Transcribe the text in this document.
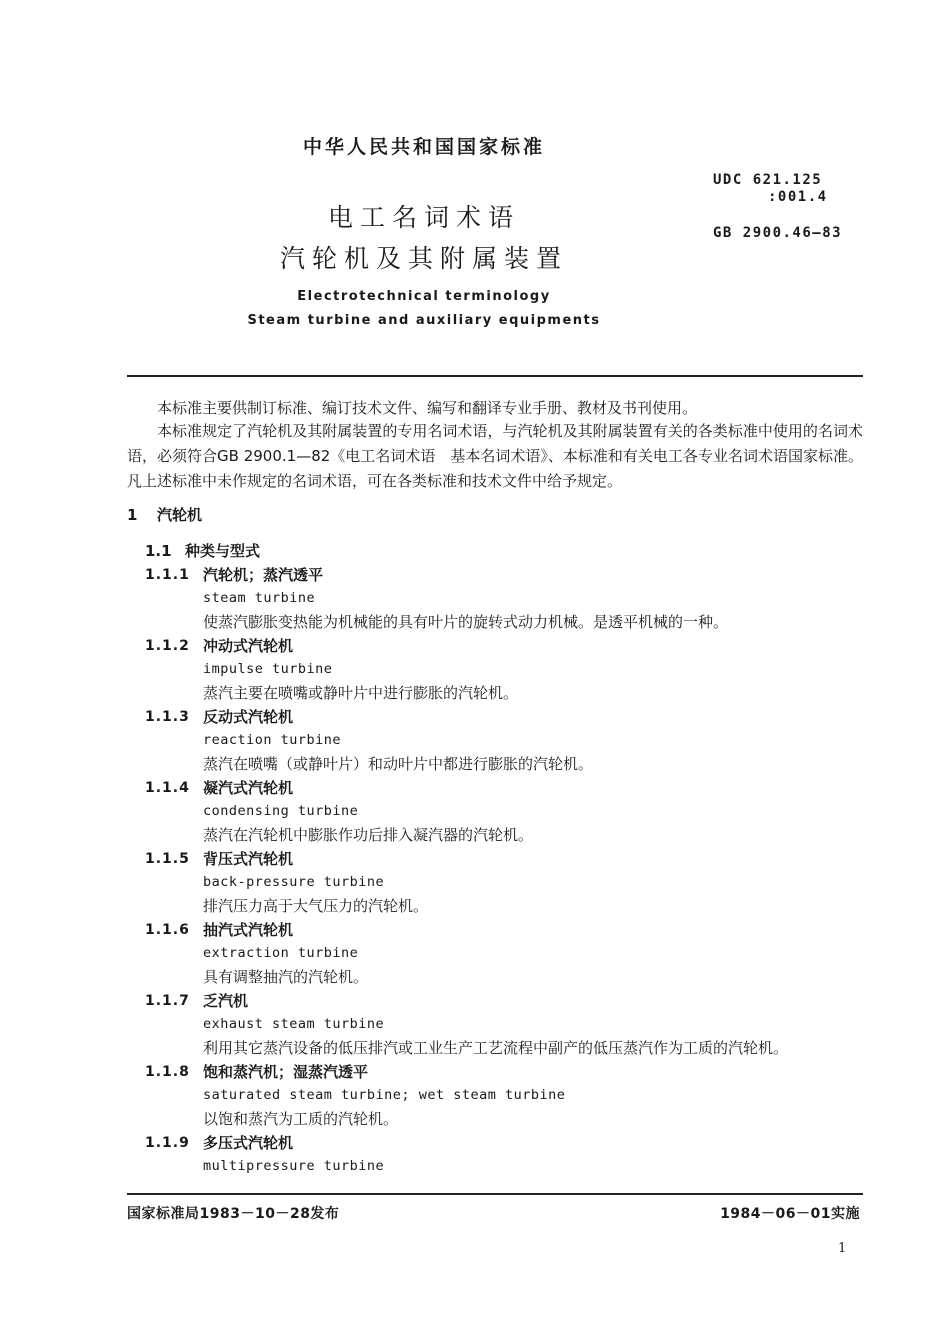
中华人民共和国国家标准
UDC 621.125
:001.4
GB 2900.46—83
电工名词术语
汽轮机及其附属装置
Electrotechnical terminology
Steam turbine and auxiliary equipments
本标准主要供制订标准、编订技术文件、编写和翻译专业手册、教材及书刊使用。
本标准规定了汽轮机及其附属装置的专用名词术语，与汽轮机及其附属装置有关的各类标准中使用的名词术语，必须符合GB 2900.1—82《电工名词术语　基本名词术语》、本标准和有关电工各专业名词术语国家标准。凡上述标准中未作规定的名词术语，可在各类标准和技术文件中给予规定。
1 汽轮机
1.1 种类与型式
1.1.1 汽轮机；蒸汽透平
steam turbine
使蒸汽膨胀变热能为机械能的具有叶片的旋转式动力机械。是透平机械的一种。
1.1.2 冲动式汽轮机
impulse turbine
蒸汽主要在喷嘴或静叶片中进行膨胀的汽轮机。
1.1.3 反动式汽轮机
reaction turbine
蒸汽在喷嘴（或静叶片）和动叶片中都进行膨胀的汽轮机。
1.1.4 凝汽式汽轮机
condensing turbine
蒸汽在汽轮机中膨胀作功后排入凝汽器的汽轮机。
1.1.5 背压式汽轮机
back-pressure turbine
排汽压力高于大气压力的汽轮机。
1.1.6 抽汽式汽轮机
extraction turbine
具有调整抽汽的汽轮机。
1.1.7 乏汽机
exhaust steam turbine
利用其它蒸汽设备的低压排汽或工业生产工艺流程中副产的低压蒸汽作为工质的汽轮机。
1.1.8 饱和蒸汽机；湿蒸汽透平
saturated steam turbine; wet steam turbine
以饱和蒸汽为工质的汽轮机。
1.1.9 多压式汽轮机
multipressure turbine
国家标准局1983－10－28发布	1984－06－01实施
1
